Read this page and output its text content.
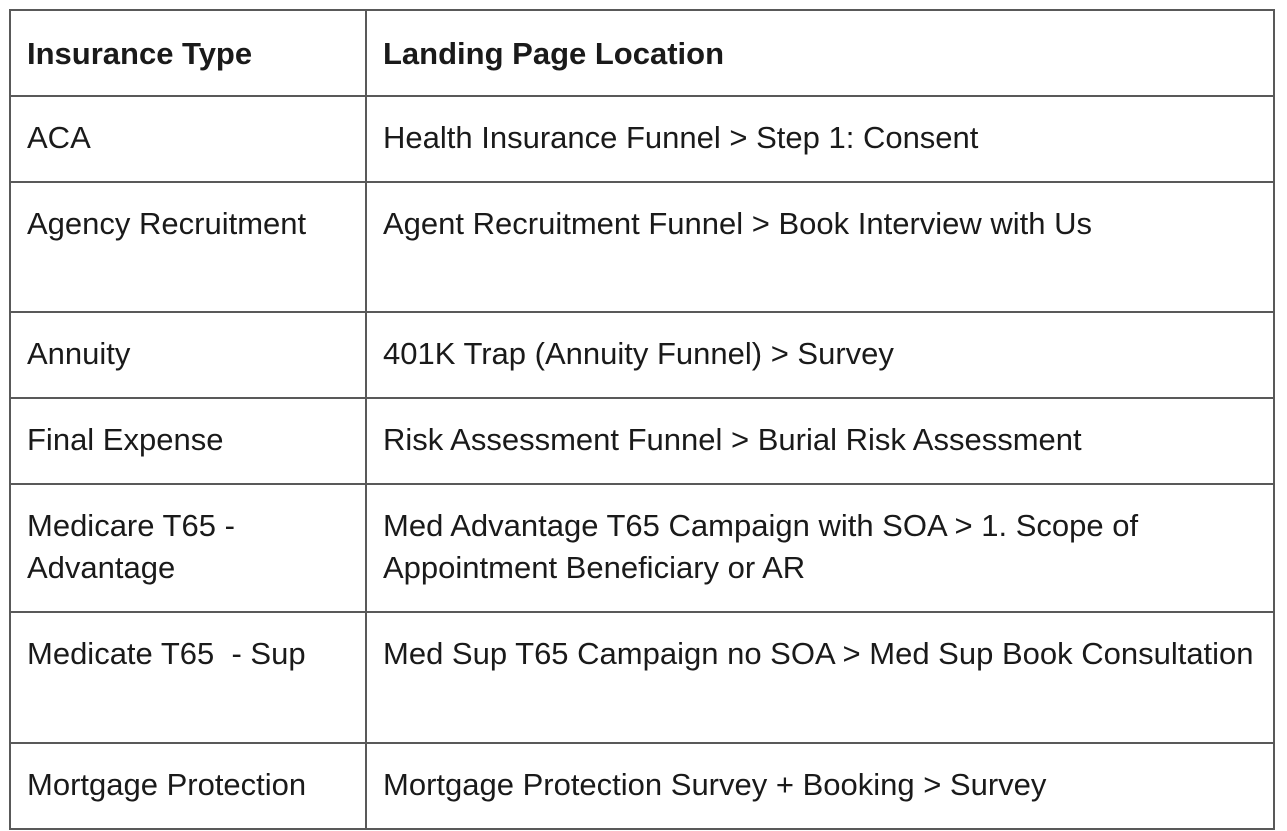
Insurance Type	Landing Page Location
ACA	Health Insurance Funnel > Step 1: Consent
Agency Recruitment	Agent Recruitment Funnel > Book Interview with Us
Annuity	401K Trap (Annuity Funnel) > Survey
Final Expense	Risk Assessment Funnel > Burial Risk Assessment
Medicare T65 - Advantage	Med Advantage T65 Campaign with SOA > 1. Scope of Appointment Beneficiary or AR
Medicate T65  - Sup	Med Sup T65 Campaign no SOA > Med Sup Book Consultation
Mortgage Protection	Mortgage Protection Survey + Booking > Survey
